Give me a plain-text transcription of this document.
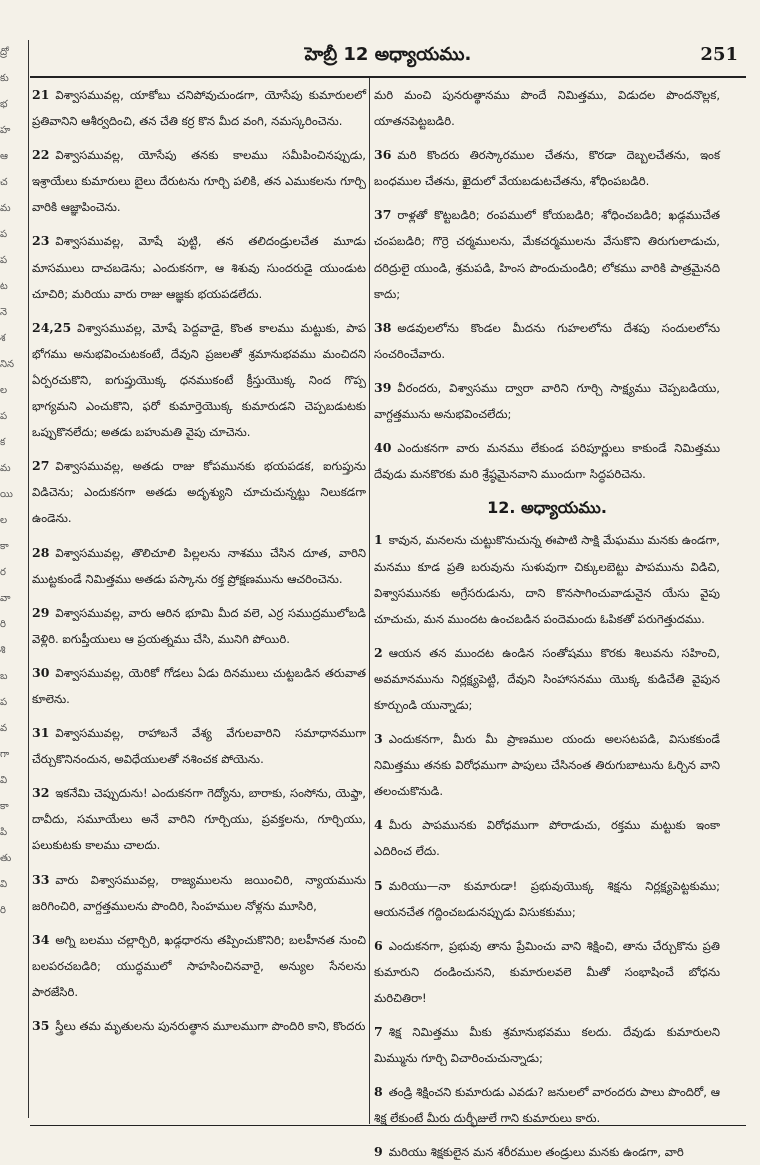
ద్రో
కు
భ
హ
ఆ
చ
మ
ప
ప
ట
నె
శ
నిన
ల
ప
క
మ
యి
ల
కా
ర
వా
రి
శి
బ
ప
వ
గా
వి
కా
పి
తు
వి
రి
హెబ్రీ 12 అధ్యాయము.	251
21 విశ్వాసమువల్ల, యాకోబు చనిపోవుచుండగా, యోసేపు కుమారులలో ప్రతివానిని ఆశీర్వదించి, తన చేతి కర్ర కొన మీద వంగి, నమస్కరించెను.
22 విశ్వాసమువల్ల, యోసేపు తనకు కాలము సమీపించినప్పుడు, ఇశ్రాయేలు కుమారులు బైలు దేరుటను గూర్చి పలికి, తన ఎముకలను గూర్చి వారికి ఆజ్ఞాపించెను.
23 విశ్వాసమువల్ల, మోషే పుట్టి, తన తలిదండ్రులచేత మూడు మాసములు దాచబడెను; ఎందుకనగా, ఆ శిశువు సుందరుడై యుండుట చూచిరి; మరియు వారు రాజు ఆజ్ఞకు భయపడలేదు.
24,25 విశ్వాసమువల్ల, మోషే పెద్దవాడై, కొంత కాలము మట్టుకు, పాప భోగము అనుభవించుటకంటే, దేవుని ప్రజలతో శ్రమానుభవము మంచిదని ఏర్పరచుకొని, ఐగుప్తుయొక్క ధనముకంటే క్రీస్తుయొక్క నింద గొప్ప భాగ్యమని ఎంచుకొని, ఫరో కుమార్తెయొక్క కుమారుడని చెప్పబడుటకు ఒప్పుకొనలేదు; అతడు బహుమతి వైపు చూచెను.
27 విశ్వాసమువల్ల, అతడు రాజు కోపమునకు భయపడక, ఐగుప్తును విడిచెను; ఎందుకనగా అతడు అదృశ్యుని చూచుచున్నట్టు నిలుకడగా ఉండెను.
28 విశ్వాసమువల్ల, తొలిచూలి పిల్లలను నాశము చేసిన దూత, వారిని ముట్టకుండే నిమిత్తము అతడు పస్కాను రక్త ప్రోక్షణమును ఆచరించెను.
29 విశ్వాసమువల్ల, వారు ఆరిన భూమి మీద వలె, ఎర్ర సముద్రములోబడి వెళ్లిరి. ఐగుప్తీయులు ఆ ప్రయత్నము చేసి, మునిగి పోయిరి.
30 విశ్వాసమువల్ల, యెరికో గోడలు ఏడు దినములు చుట్టబడిన తరువాత కూలెను.
31 విశ్వాసమువల్ల, రాహాబనే వేశ్య వేగులవారిని సమాధానముగా చేర్చుకొనినందున, అవిధేయులతో నశించక పోయెను.
32 ఇకనేమి చెప్పుదును! ఎందుకనగా గెద్యోను, బారాకు, సంసోను, యెఫ్తా, దావీదు, సమూయేలు అనే వారిని గూర్చియు, ప్రవక్తలను, గూర్చియు, పలుకుటకు కాలము చాలదు.
33 వారు విశ్వాసమువల్ల, రాజ్యములను జయించిరి, న్యాయమును జరిగించిరి, వాగ్దత్తములను పొందిరి, సింహముల నోళ్లను మూసిరి,
34 అగ్ని బలము చల్లార్చిరి, ఖడ్గధారను తప్పించుకొనిరి; బలహీనత నుంచి బలపరచబడిరి; యుద్ధములో సాహసించినవారై, అన్యుల సేనలను పారజేసిరి.
35 స్త్రీలు తమ మృతులను పునరుత్థాన మూలముగా పొందిరి కాని, కొందరు
మరి మంచి పునరుత్థానము పొందే నిమిత్తము, విడుదల పొందనొల్లక, యాతనపెట్టబడిరి.
36 మరి కొందరు తిరస్కారముల చేతను, కొరడా దెబ్బలచేతను, ఇంక బంధముల చేతను, ఖైదులో వేయబడుటచేతను, శోధింపబడిరి.
37 రాళ్లతో కొట్టబడిరి; రంపములో కోయబడిరి; శోధించబడిరి; ఖడ్గముచేత చంపబడిరి; గొర్రె చర్మములను, మేకచర్మములను వేసుకొని తిరుగులాడుచు, దరిద్రులై యుండి, శ్రమపడి, హింస పొందుచుండిరి; లోకము వారికి పాత్రమైనది కాదు;
38 అడవులలోను కొండల మీదను గుహలలోను దేశపు సందులలోను సంచరించేవారు.
39 వీరందరు, విశ్వాసము ద్వారా వారిని గూర్చి సాక్ష్యము చెప్పబడియు, వాగ్దత్తమును అనుభవించలేదు;
40 ఎందుకనగా వారు మనము లేకుండ పరిపూర్ణులు కాకుండే నిమిత్తము దేవుడు మనకొరకు మరి శ్రేష్ఠమైనవాని ముందుగా సిద్ధపరిచెను.
12. అధ్యాయము.
1 కావున, మనలను చుట్టుకొనుచున్న ఈపాటి సాక్షి మేఘము మనకు ఉండగా, మనము కూడ ప్రతి బరువును సుళువుగా చిక్కులబెట్టు పాపమును విడిచి, విశ్వాసమునకు అగ్రేసరుడును, దాని కొనసాగించువాడునైన యేసు వైపు చూచుచు, మన ముందట ఉంచబడిన పందెమందు ఓపికతో పరుగెత్తుదము.
2 ఆయన తన ముందట ఉండిన సంతోషము కొరకు శిలువను సహించి, అవమానమును నిర్లక్ష్యపెట్టి, దేవుని సింహాసనము యొక్క కుడిచేతి వైపున కూర్చుండి యున్నాడు;
3 ఎందుకనగా, మీరు మీ ప్రాణముల యందు అలసటపడి, విసుకకుండే నిమిత్తము తనకు విరోధముగా పాపులు చేసినంత తిరుగుబాటును ఓర్చిన వాని తలంచుకొనుడి.
4 మీరు పాపమునకు విరోధముగా పోరాడుచు, రక్తము మట్టుకు ఇంకా ఎదిరించ లేదు.
5 మరియు—నా కుమారుడా! ప్రభువుయొక్క శిక్షను నిర్లక్ష్యపెట్టకుము; ఆయనచేత గద్దించబడునప్పుడు విసుకకుము;
6 ఎందుకనగా, ప్రభువు తాను ప్రేమించు వాని శిక్షించి, తాను చేర్చుకొను ప్రతి కుమారుని దండించునని, కుమారులవలె మీతో సంభాషించే బోధను మరిచితిరా!
7 శిక్ష నిమిత్తము మీకు శ్రమానుభవము కలదు. దేవుడు కుమారులని మిమ్మును గూర్చి విచారించుచున్నాడు;
8 తండ్రి శిక్షించని కుమారుడు ఎవడు? జనులలో వారందరు పాలు పొందిరో, ఆ శిక్ష లేకుంటే మీరు దుర్భీజులే గాని కుమారులు కారు.
9 మరియు శిక్షకులైన మన శరీరముల తండ్రులు మనకు ఉండగా, వారి
